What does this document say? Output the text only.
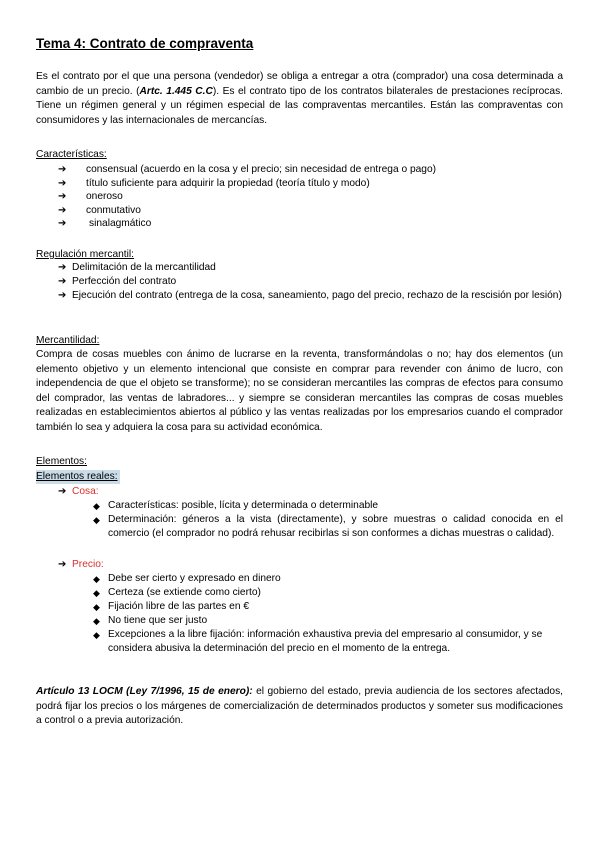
Tema 4: Contrato de compraventa

Es el contrato por el que una persona (vendedor) se obliga a entregar a otra (comprador) una cosa determinada a cambio de un precio. (Artc. 1.445 C.C). Es el contrato tipo de los contratos bilaterales de prestaciones recíprocas. Tiene un régimen general y un régimen especial de las compraventas mercantiles. Están las compraventas con consumidores y las internacionales de mercancías.

Características:
➔ consensual (acuerdo en la cosa y el precio; sin necesidad de entrega o pago)
➔ título suficiente para adquirir la propiedad (teoría título y modo)
➔ oneroso
➔ conmutativo
➔ sinalagmático
Regulación mercantil:
➔ Delimitación de la mercantilidad
➔ Perfección del contrato
➔ Ejecución del contrato (entrega de la cosa, saneamiento, pago del precio, rechazo de la rescisión por lesión)
Mercantilidad:

Compra de cosas muebles con ánimo de lucrarse en la reventa, transformándolas o no; hay dos elementos (un elemento objetivo y un elemento intencional que consiste en comprar para revender con ánimo de lucro, con independencia de que el objeto se transforme); no se consideran mercantiles las compras de efectos para consumo del comprador, las ventas de labradores... y siempre se consideran mercantiles las compras de cosas muebles realizadas en establecimientos abiertos al público y las ventas realizadas por los empresarios cuando el comprador también lo sea y adquiera la cosa para su actividad económica.

Elementos:
Elementos reales:
➔ Cosa:
◆ Características: posible, lícita y determinada o determinable
◆ Determinación: géneros a la vista (directamente), y sobre muestras o calidad conocida en el comercio (el comprador no podrá rehusar recibirlas si son conformes a dichas muestras o calidad).
➔ Precio:
◆ Debe ser cierto y expresado en dinero
◆ Certeza (se extiende como cierto)
◆ Fijación libre de las partes en €
◆ No tiene que ser justo
◆ Excepciones a la libre fijación: información exhaustiva previa del empresario al consumidor, y se considera abusiva la determinación del precio en el momento de la entrega.

Artículo 13 LOCM (Ley 7/1996, 15 de enero): el gobierno del estado, previa audiencia de los sectores afectados, podrá fijar los precios o los márgenes de comercialización de determinados productos y someter sus modificaciones a control o a previa autorización.
